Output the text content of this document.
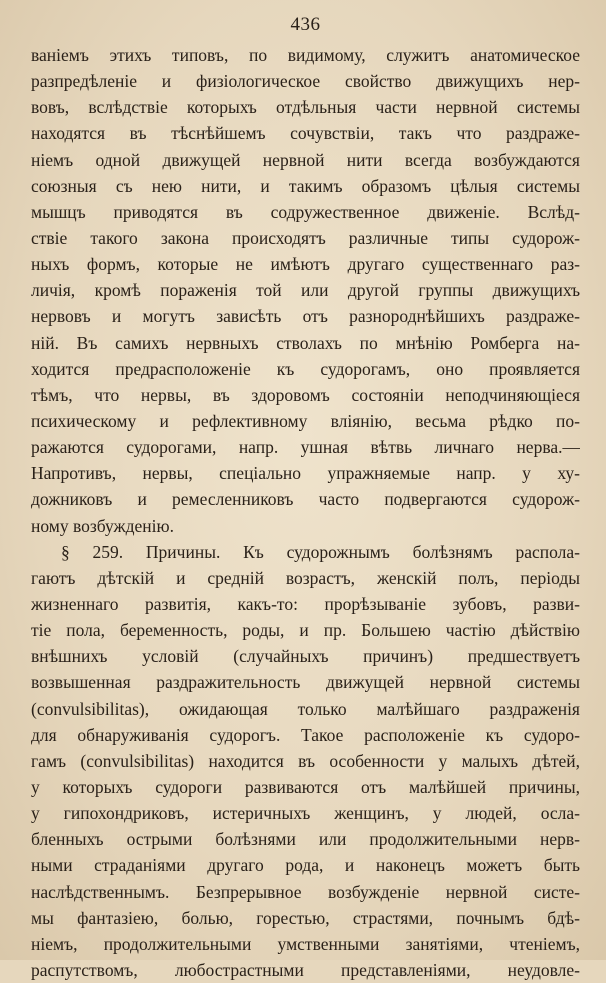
436
ваніемъ этихъ типовъ, по видимому, служитъ анатомическое
разпредѣленіе и физіологическое свойство движущихъ нер-
вовъ, вслѣдствіе которыхъ отдѣльныя части нервной системы
находятся въ тѣснѣйшемъ сочувствіи, такъ что раздраже-
ніемъ одной движущей нервной нити всегда возбуждаются
союзныя съ нею нити, и такимъ образомъ цѣлыя системы
мышцъ приводятся въ содружественное движеніе. Вслѣд-
ствіе такого закона происходятъ различные типы судорож-
ныхъ формъ, которые не имѣютъ другаго существеннаго раз-
личія, кромѣ пораженія той или другой группы движущихъ
нервовъ и могутъ зависѣть отъ разнороднѣйшихъ раздраже-
ній. Въ самихъ нервныхъ стволахъ по мнѣнію Ромберга на-
ходится предрасположеніе къ судорогамъ, оно проявляется
тѣмъ, что нервы, въ здоровомъ состояніи неподчиняющіеся
психическому и рефлективному вліянію, весьма рѣдко по-
ражаются судорогами, напр. ушная вѣтвь личнаго нерва.—
Напротивъ, нервы, спеціально упражняемые напр. у ху-
дожниковъ и ремесленниковъ часто подвергаются судорож-
ному возбужденію.
§ 259. Причины. Къ судорожнымъ болѣзнямъ распола-
гаютъ дѣтскій и средній возрастъ, женскій полъ, періоды
жизненнаго развитія, какъ-то: прорѣзываніе зубовъ, разви-
тіе пола, беременность, роды, и пр. Большею частію дѣйствію
внѣшнихъ условій (случайныхъ причинъ) предшествуетъ
возвышенная раздражительность движущей нервной системы
(convulsibilitas), ожидающая только малѣйшаго раздраженія
для обнаруживанія судорогъ. Такое расположеніе къ судоро-
гамъ (convulsibilitas) находится въ особенности у малыхъ дѣтей,
у которыхъ судороги развиваются отъ малѣйшей причины,
у гипохондриковъ, истеричныхъ женщинъ, у людей, осла-
бленныхъ острыми болѣзнями или продолжительными нерв-
ными страданіями другаго рода, и наконецъ можетъ быть
наслѣдственнымъ. Безпрерывное возбужденіе нервной систе-
мы фантазіею, болью, горестью, страстями, почнымъ бдѣ-
ніемъ, продолжительными умственными занятіями, чтеніемъ,
распутствомъ, любострастными представленіями, неудовле-
